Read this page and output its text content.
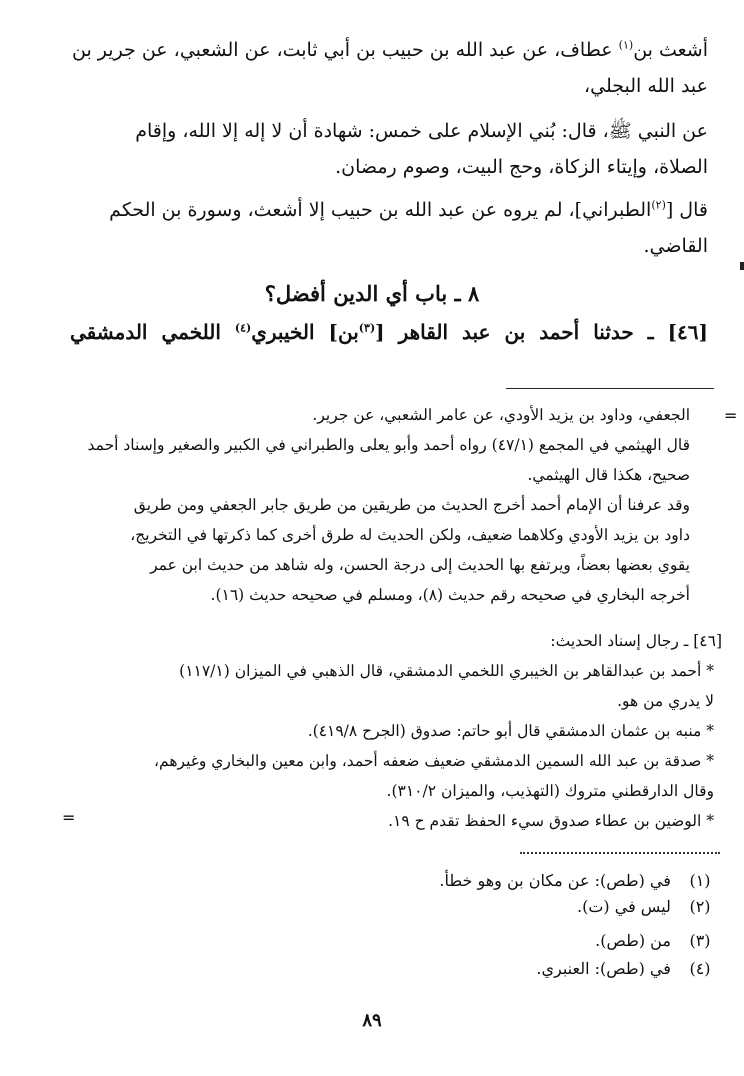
أشعث بن$^{(١)}$ عطاف، عن عبد الله بن حبيب بن أبي ثابت، عن الشعبي، عن جرير بن
عبد الله البجلي،
عن النبي ﷺ، قال: بُني الإسلام على خمس: شهادة أن لا إله إلا الله، وإقام
الصلاة، وإيتاء الزكاة، وحج البيت، وصوم رمضان.
قال [$^{(٢)}$الطبراني]، لم يروه عن عبد الله بن حبيب إلا أشعث، وسورة بن الحكم
القاضي.
٨ ـ باب أي الدين أفضل؟
[٤٦] ـ حدثنا أحمد بن عبد القاهر [$^{(٣)}$بن] الخيبري$^{(٤)}$ اللخمي الدمشقي
=
الجعفي، وداود بن يزيد الأودي، عن عامر الشعبي، عن جرير.
قال الهيثمي في المجمع (٤٧/١) رواه أحمد وأبو يعلى والطبراني في الكبير والصغير وإسناد أحمد
صحيح، هكذا قال الهيثمي.
وقد عرفنا أن الإمام أحمد أخرج الحديث من طريقين من طريق جابر الجعفي ومن طريق
داود بن يزيد الأودي وكلاهما ضعيف، ولكن الحديث له طرق أخرى كما ذكرتها في التخريج،
يقوي بعضها بعضاً، ويرتفع بها الحديث إلى درجة الحسن، وله شاهد من حديث ابن عمر
أخرجه البخاري في صحيحه رقم حديث (٨)، ومسلم في صحيحه حديث (١٦).
[٤٦] ـ رجال إسناد الحديث:
* أحمد بن عبدالقاهر بن الخيبري اللخمي الدمشقي، قال الذهبي في الميزان (١١٧/١)
لا يدري من هو.
* منبه بن عثمان الدمشقي قال أبو حاتم: صدوق (الجرح ٤١٩/٨).
* صدقة بن عبد الله السمين الدمشقي ضعيف ضعفه أحمد، وابن معين والبخاري وغيرهم،
وقال الدارقطني متروك (التهذيب، والميزان ٣١٠/٢).
* الوضين بن عطاء صدوق سيء الحفظ تقدم ح ١٩.
=
(١) في (طص): عن مكان بن وهو خطأ.
(٢) ليس في (ت).
(٣) من (طص).
(٤) في (طص): العنبري.
٨٩
